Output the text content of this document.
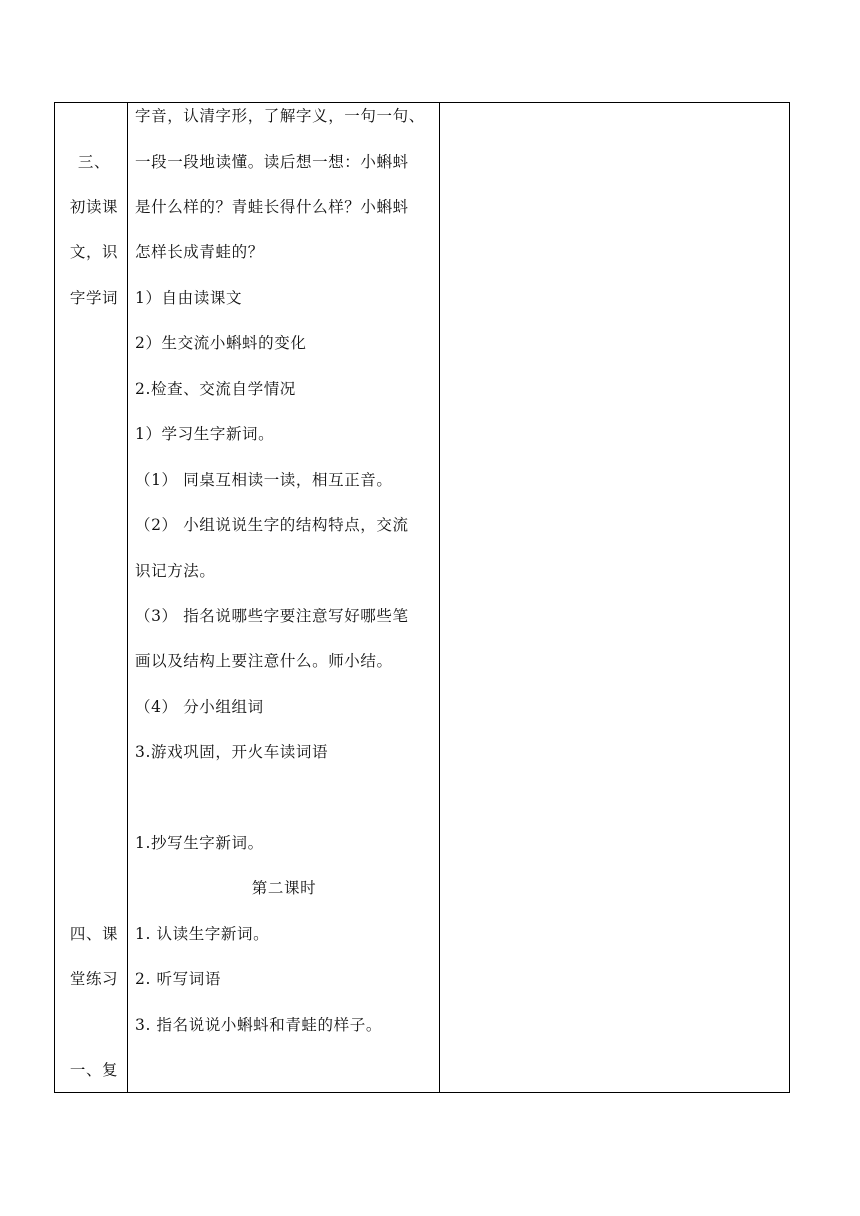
三、
初读课
文，识
字学词
四、课
堂练习
一、复
字音，认清字形，了解字义，一句一句、
一段一段地读懂。读后想一想：小蝌蚪
是什么样的？青蛙长得什么样？小蝌蚪
怎样长成青蛙的？
1）自由读课文
2）生交流小蝌蚪的变化
2.检查、交流自学情况
1）学习生字新词。
（1） 同桌互相读一读，相互正音。
（2） 小组说说生字的结构特点，交流
识记方法。
（3） 指名说哪些字要注意写好哪些笔
画以及结构上要注意什么。师小结。
（4） 分小组组词
3.游戏巩固，开火车读词语
1.抄写生字新词。
第二课时
1. 认读生字新词。
2. 听写词语
3. 指名说说小蝌蚪和青蛙的样子。
